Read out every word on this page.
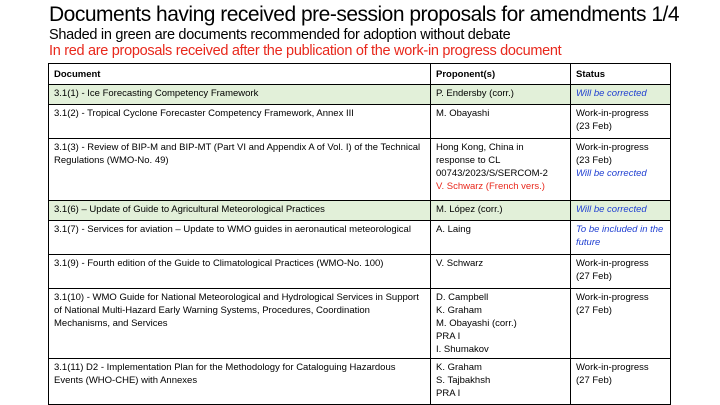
Documents having received pre-session proposals for amendments 1/4
Shaded in green are documents recommended for adoption without debate
In red are proposals received after the publication of the work-in progress document
Document	Proponent(s)	Status
3.1(1) - Ice Forecasting Competency Framework	P. Endersby (corr.)	Will be corrected

3.1(2) - Tropical Cyclone Forecaster Competency Framework, Annex III	M. Obayashi	Work-in-progress (23 Feb)

3.1(3) - Review of BIP-M and BIP-MT (Part VI and Appendix A of Vol. I) of the Technical Regulations (WMO-No. 49)	Hong Kong, China in response to CL 00743/2023/S/SERCOM-2
V. Schwarz (French vers.)	Work-in-progress (23 Feb)
Will be corrected

3.1(6) – Update of Guide to Agricultural Meteorological Practices	M. López (corr.)	Will be corrected

3.1(7) - Services for aviation – Update to WMO guides in aeronautical meteorological	A. Laing	To be included in the future

3.1(9) - Fourth edition of the Guide to Climatological Practices (WMO-No. 100)	V. Schwarz	Work-in-progress (27 Feb)

3.1(10) - WMO Guide for National Meteorological and Hydrological Services in Support of National Multi-Hazard Early Warning Systems, Procedures, Coordination Mechanisms, and Services	D. Campbell
K. Graham
M. Obayashi (corr.)
PRA I
I. Shumakov	Work-in-progress (27 Feb)

3.1(11) D2 - Implementation Plan for the Methodology for Cataloguing Hazardous Events (WHO-CHE) with Annexes	K. Graham
S. Tajbakhsh
PRA I	Work-in-progress (27 Feb)
